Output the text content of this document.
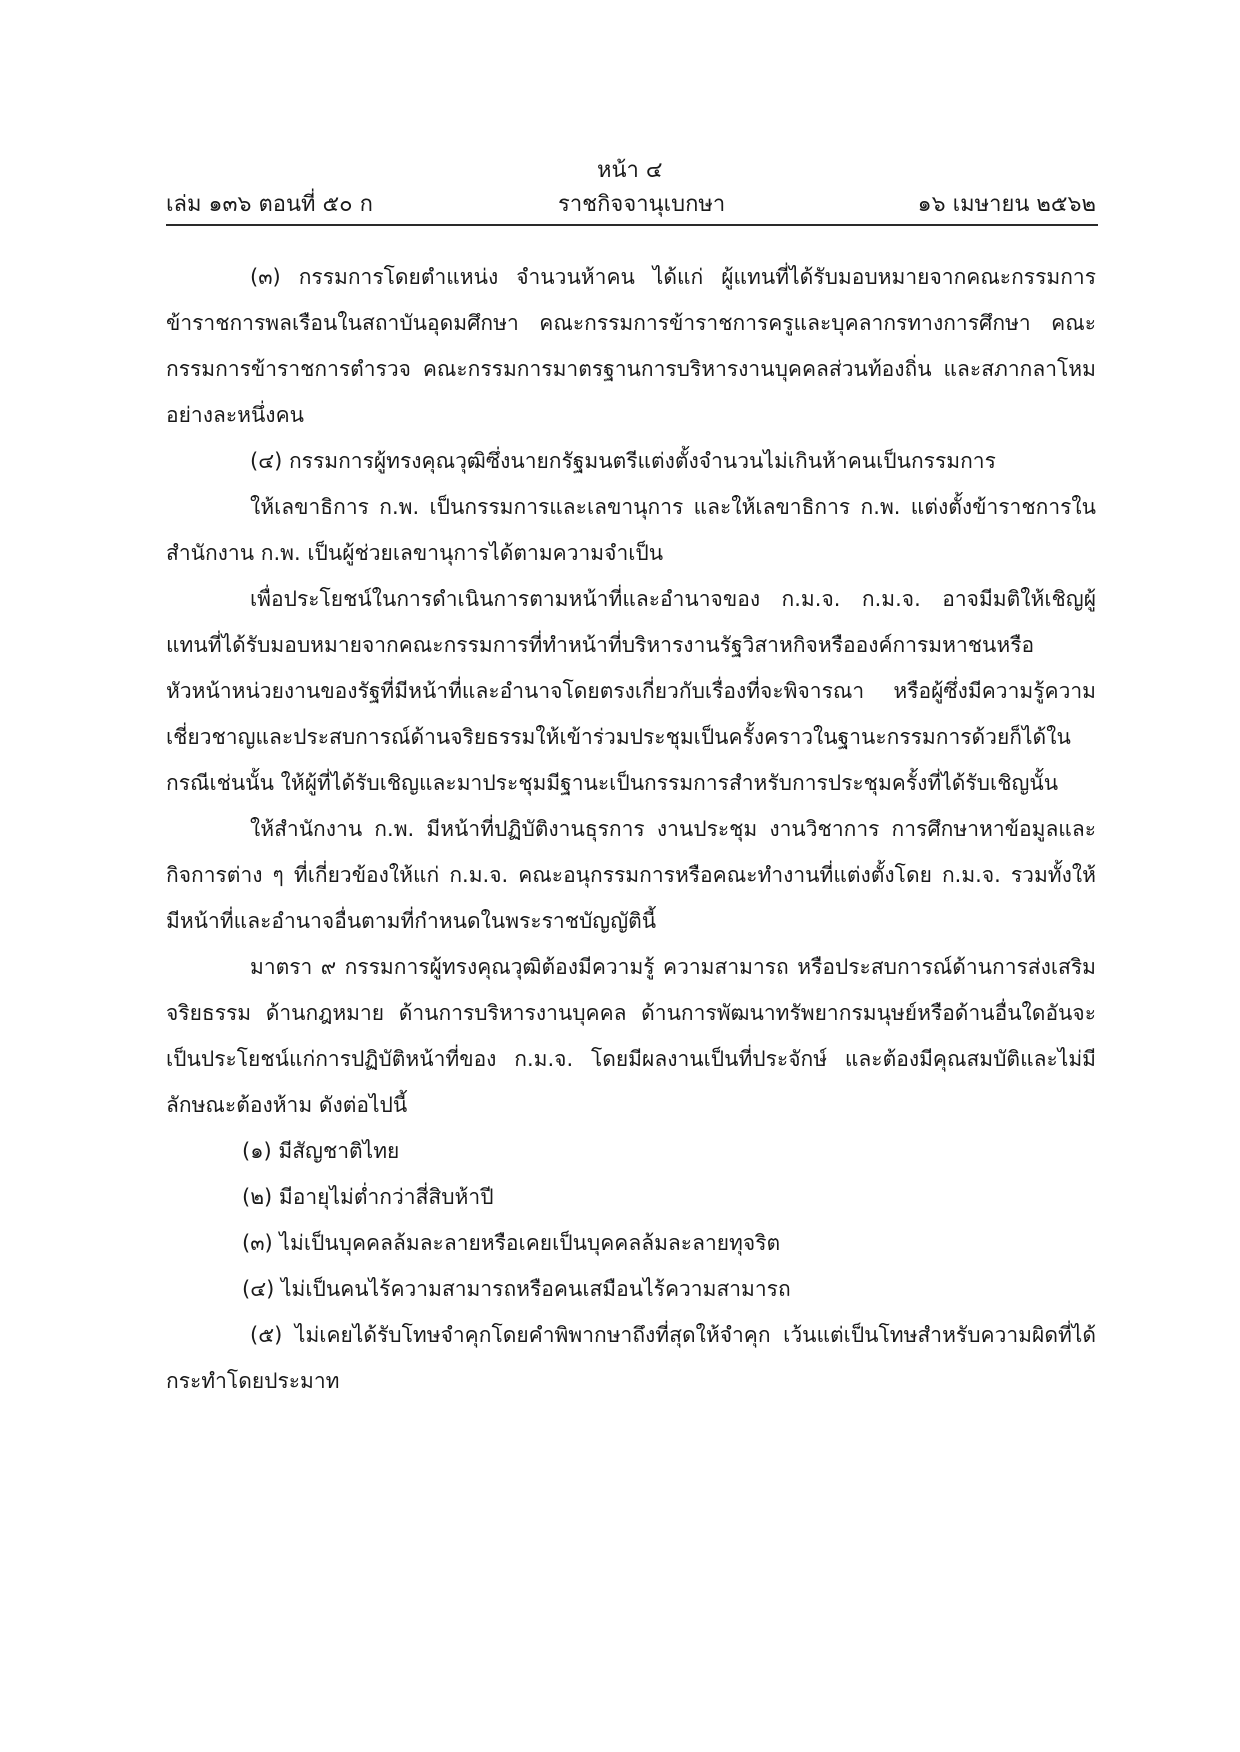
หน้า ๔
เล่ม ๑๓๖ ตอนที่ ๕๐ ก	ราชกิจจานุเบกษา	๑๖ เมษายน ๒๕๖๒

(๓) กรรมการโดยตำแหน่ง จำนวนห้าคน ได้แก่ ผู้แทนที่ได้รับมอบหมายจากคณะกรรมการข้าราชการพลเรือนในสถาบันอุดมศึกษา คณะกรรมการข้าราชการครูและบุคลากรทางการศึกษา คณะกรรมการข้าราชการตำรวจ คณะกรรมการมาตรฐานการบริหารงานบุคคลส่วนท้องถิ่น และสภากลาโหม อย่างละหนึ่งคน

(๔) กรรมการผู้ทรงคุณวุฒิซึ่งนายกรัฐมนตรีแต่งตั้งจำนวนไม่เกินห้าคนเป็นกรรมการ

ให้เลขาธิการ ก.พ. เป็นกรรมการและเลขานุการ และให้เลขาธิการ ก.พ. แต่งตั้งข้าราชการในสำนักงาน ก.พ. เป็นผู้ช่วยเลขานุการได้ตามความจำเป็น

เพื่อประโยชน์ในการดำเนินการตามหน้าที่และอำนาจของ ก.ม.จ. ก.ม.จ. อาจมีมติให้เชิญผู้แทนที่ได้รับมอบหมายจากคณะกรรมการที่ทำหน้าที่บริหารงานรัฐวิสาหกิจหรือองค์การมหาชนหรือหัวหน้าหน่วยงานของรัฐที่มีหน้าที่และอำนาจโดยตรงเกี่ยวกับเรื่องที่จะพิจารณา หรือผู้ซึ่งมีความรู้ความเชี่ยวชาญและประสบการณ์ด้านจริยธรรมให้เข้าร่วมประชุมเป็นครั้งคราวในฐานะกรรมการด้วยก็ได้ในกรณีเช่นนั้น ให้ผู้ที่ได้รับเชิญและมาประชุมมีฐานะเป็นกรรมการสำหรับการประชุมครั้งที่ได้รับเชิญนั้น

ให้สำนักงาน ก.พ. มีหน้าที่ปฏิบัติงานธุรการ งานประชุม งานวิชาการ การศึกษาหาข้อมูลและกิจการต่าง ๆ ที่เกี่ยวข้องให้แก่ ก.ม.จ. คณะอนุกรรมการหรือคณะทำงานที่แต่งตั้งโดย ก.ม.จ. รวมทั้งให้มีหน้าที่และอำนาจอื่นตามที่กำหนดในพระราชบัญญัตินี้

มาตรา ๙ กรรมการผู้ทรงคุณวุฒิต้องมีความรู้ ความสามารถ หรือประสบการณ์ด้านการส่งเสริมจริยธรรม ด้านกฎหมาย ด้านการบริหารงานบุคคล ด้านการพัฒนาทรัพยากรมนุษย์หรือด้านอื่นใดอันจะเป็นประโยชน์แก่การปฏิบัติหน้าที่ของ ก.ม.จ. โดยมีผลงานเป็นที่ประจักษ์ และต้องมีคุณสมบัติและไม่มีลักษณะต้องห้าม ดังต่อไปนี้

(๑) มีสัญชาติไทย

(๒) มีอายุไม่ต่ำกว่าสี่สิบห้าปี

(๓) ไม่เป็นบุคคลล้มละลายหรือเคยเป็นบุคคลล้มละลายทุจริต

(๔) ไม่เป็นคนไร้ความสามารถหรือคนเสมือนไร้ความสามารถ

(๕) ไม่เคยได้รับโทษจำคุกโดยคำพิพากษาถึงที่สุดให้จำคุก เว้นแต่เป็นโทษสำหรับความผิดที่ได้กระทำโดยประมาท
